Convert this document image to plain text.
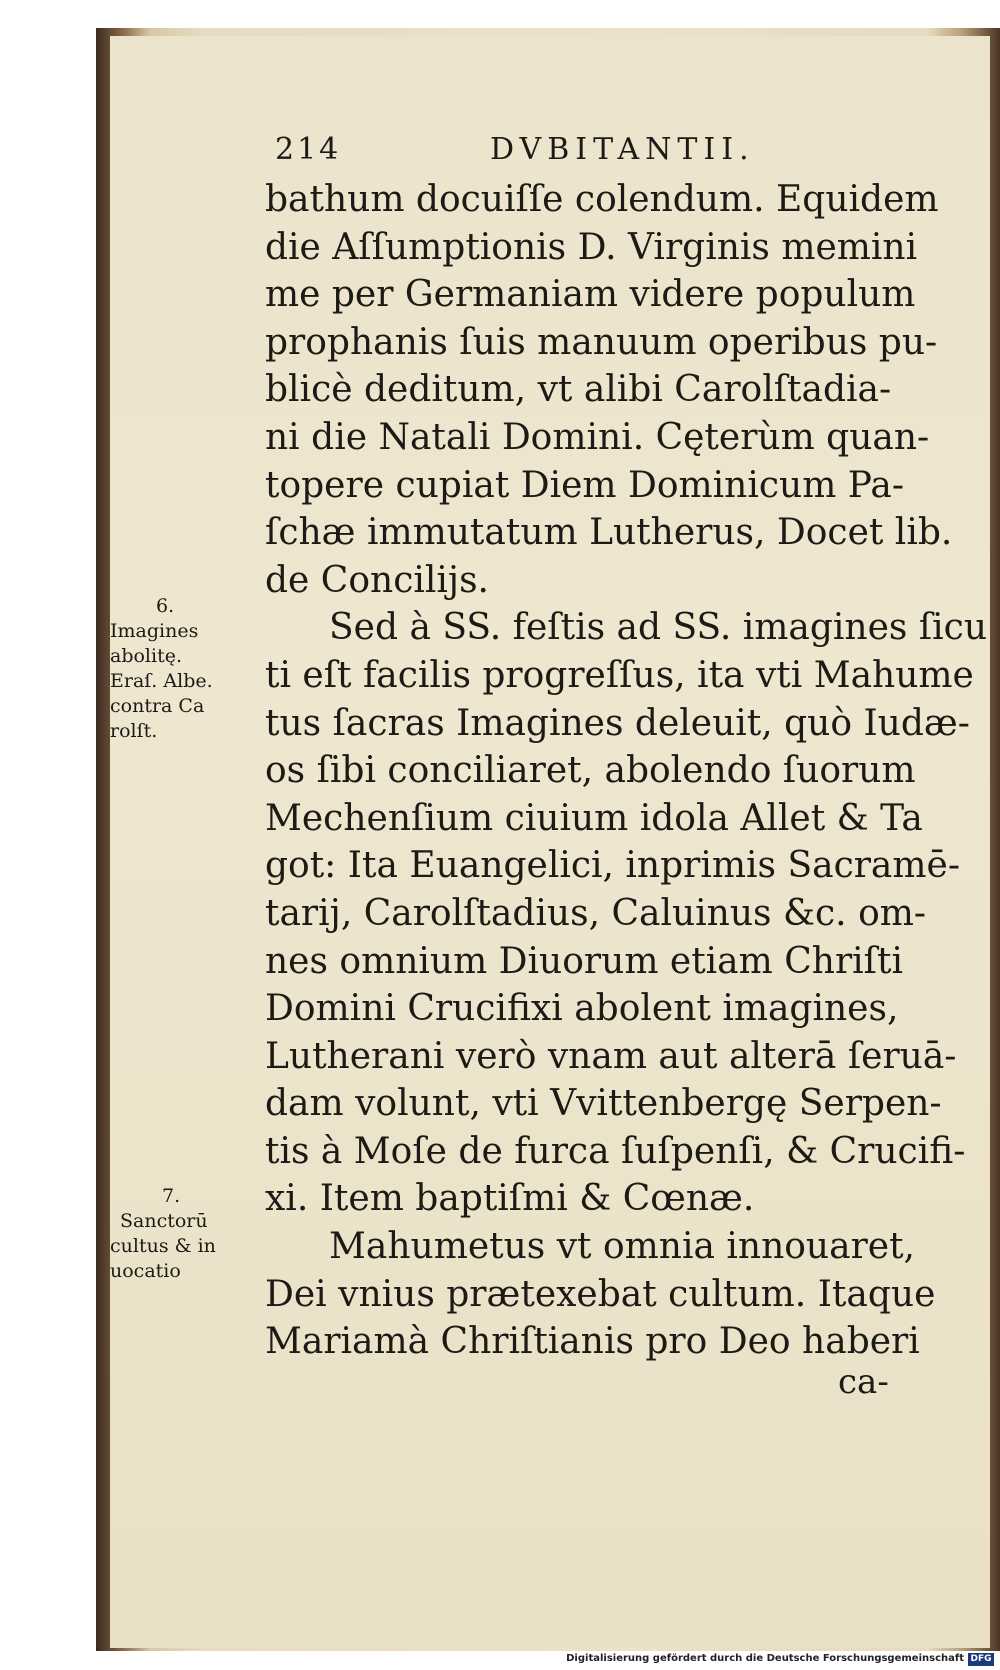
214	DVBITANTII.
bathum docuiſſe colendum. Equidem
die Aſſumptionis D. Virginis memini
me per Germaniam videre populum
prophanis ſuis manuum operibus pu-
blicè deditum, vt alibi Carolſtadia-
ni die Natali Domini. Cęterùm quan-
topere cupiat Diem Dominicum Pa-
ſchæ immutatum Lutherus, Docet lib.
de Concilijs.
Sed à SS. feſtis ad SS. imagines ſicu
ti eſt facilis progreſſus, ita vti Mahume
tus ſacras Imagines deleuit, quò Iudæ-
os ſibi conciliaret, abolendo ſuorum
Mechenſium ciuium idola Allet & Ta
got: Ita Euangelici, inprimis Sacramē-
tarij, Carolſtadius, Caluinus &c. om-
nes omnium Diuorum etiam Chriſti
Domini Crucifixi abolent imagines,
Lutherani verò vnam aut alterā ſeruā-
dam volunt, vti Vvittenbergę Serpen-
tis à Moſe de furca ſuſpenſi, & Crucifi-
xi. Item baptiſmi & Cœnæ.
Mahumetus vt omnia innouaret,
Dei vnius prætexebat cultum. Itaque
Mariamà Chriſtianis pro Deo haberi
ca-
6.
Imagines
abolitę.
Eraſ. Albe.
contra Ca
rolſt.
7.
Sanctorū
cultus & in
uocatio
Digitalisierung gefördert durch die Deutsche Forschungsgemeinschaft DFG
